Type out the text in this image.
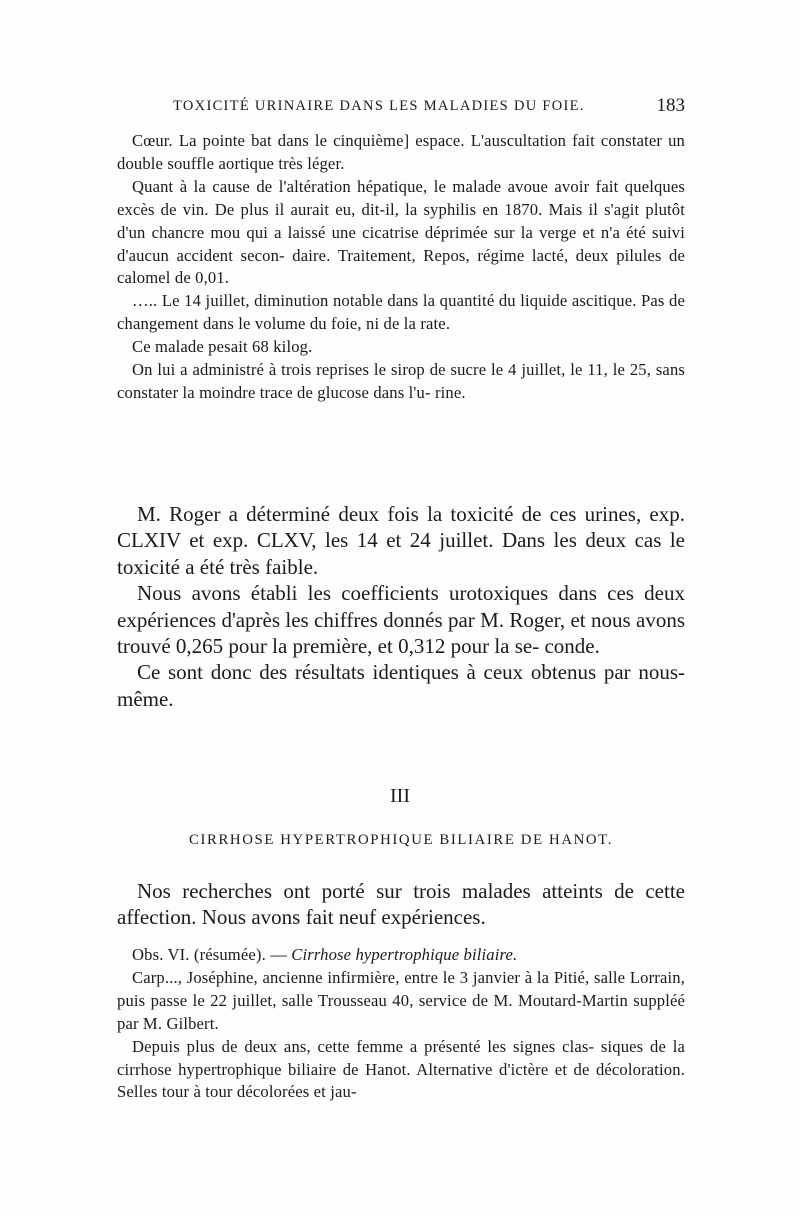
TOXICITÉ URINAIRE DANS LES MALADIES DU FOIE.	183

Cœur. La pointe bat dans le cinquième] espace. L'auscultation fait constater un double souffle aortique très léger.

Quant à la cause de l'altération hépatique, le malade avoue avoir fait quelques excès de vin. De plus il aurait eu, dit-il, la syphilis en 1870. Mais il s'agit plutôt d'un chancre mou qui a laissé une cicatrise déprimée sur la verge et n'a été suivi d'aucun accident secon- daire. Traitement, Repos, régime lacté, deux pilules de calomel de 0,01.

….. Le 14 juillet, diminution notable dans la quantité du liquide ascitique. Pas de changement dans le volume du foie, ni de la rate.

Ce malade pesait 68 kilog.

On lui a administré à trois reprises le sirop de sucre le 4 juillet, le 11, le 25, sans constater la moindre trace de glucose dans l'u- rine.

M. Roger a déterminé deux fois la toxicité de ces urines, exp. CLXIV et exp. CLXV, les 14 et 24 juillet. Dans les deux cas le toxicité a été très faible.

Nous avons établi les coefficients urotoxiques dans ces deux expériences d'après les chiffres donnés par M. Roger, et nous avons trouvé 0,265 pour la première, et 0,312 pour la se- conde.

Ce sont donc des résultats identiques à ceux obtenus par nous-même.

III
CIRRHOSE HYPERTROPHIQUE BILIAIRE DE HANOT.

Nos recherches ont porté sur trois malades atteints de cette affection. Nous avons fait neuf expériences.

Obs. VI. (résumée). — Cirrhose hypertrophique biliaire.

Carp..., Joséphine, ancienne infirmière, entre le 3 janvier à la Pitié, salle Lorrain, puis passe le 22 juillet, salle Trousseau 40, service de M. Moutard-Martin suppléé par M. Gilbert.

Depuis plus de deux ans, cette femme a présenté les signes clas- siques de la cirrhose hypertrophique biliaire de Hanot. Alternative d'ictère et de décoloration. Selles tour à tour décolorées et jau-
